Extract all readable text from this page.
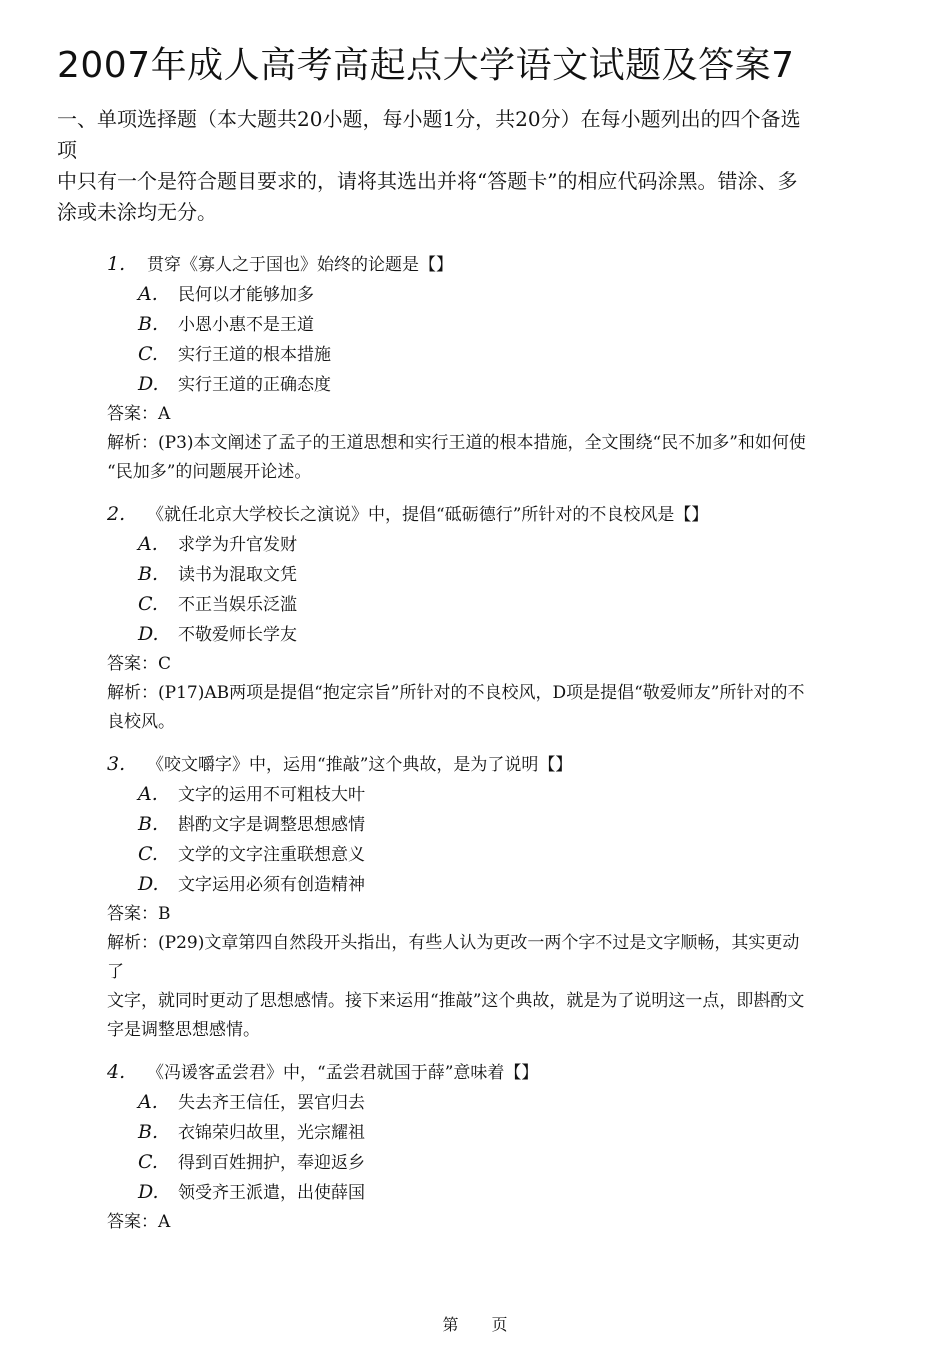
2007年成人高考高起点大学语文试题及答案7
一、单项选择题（本大题共20小题，每小题1分，共20分）在每小题列出的四个备选
项
中只有一个是符合题目要求的，请将其选出并将“答题卡”的相应代码涂黑。错涂、多
涂或未涂均无分。
1.	贯穿《寡人之于国也》始终的论题是【】
A.	民何以才能够加多
B.	小恩小惠不是王道
C.	实行王道的根本措施
D.	实行王道的正确态度
答案：A
解析：(P3)本文阐述了孟子的王道思想和实行王道的根本措施，全文围绕“民不加多”和如何使
“民加多”的问题展开论述。
2.	《就任北京大学校长之演说》中，提倡“砥砺德行”所针对的不良校风是【】
A.	求学为升官发财
B.	读书为混取文凭
C.	不正当娱乐泛滥
D.	不敬爱师长学友
答案：C
解析：(P17)AB两项是提倡“抱定宗旨”所针对的不良校风，D项是提倡“敬爱师友”所针对的不
良校风。
3.	《咬文嚼字》中，运用“推敲”这个典故，是为了说明【】
A.	文字的运用不可粗枝大叶
B.	斟酌文字是调整思想感情
C.	文学的文字注重联想意义
D.	文字运用必须有创造精神
答案：B
解析：(P29)文章第四自然段开头指出，有些人认为更改一两个字不过是文字顺畅，其实更动
了
文字，就同时更动了思想感情。接下来运用“推敲”这个典故，就是为了说明这一点，即斟酌文
字是调整思想感情。
4.	《冯谖客孟尝君》中，“孟尝君就国于薛”意味着【】
A.	失去齐王信任，罢官归去
B.	衣锦荣归故里，光宗耀祖
C.	得到百姓拥护，奉迎返乡
D.	领受齐王派遣，出使薛国
答案：A
第 页
